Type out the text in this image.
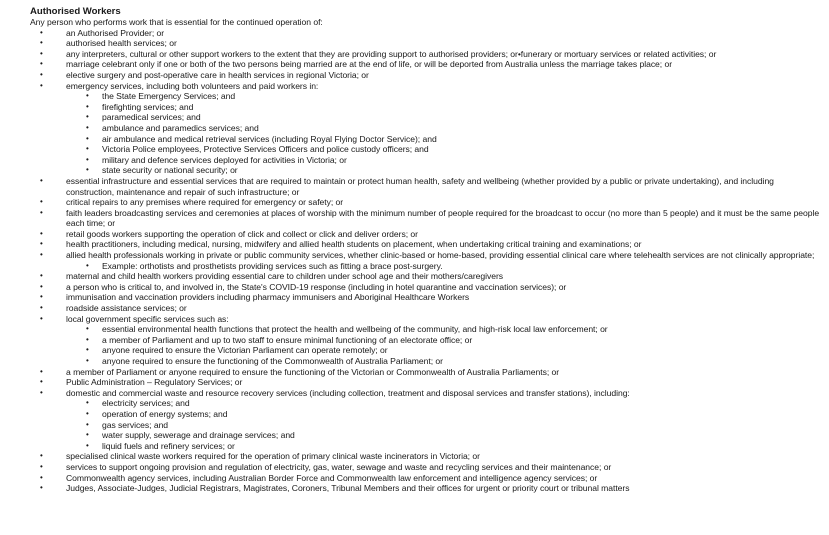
Authorised Workers

Any person who performs work that is essential for the continued operation of:

•	an Authorised Provider; or
•	authorised health services; or
•	any interpreters, cultural or other support workers to the extent that they are providing support to authorised providers; or•funerary or mortuary services or related activities; or
•	marriage celebrant only if one or both of the two persons being married are at the end of life, or will be deported from Australia unless the marriage takes place; or
•	elective surgery and post-operative care in health services in regional Victoria; or
•	emergency services, including both volunteers and paid workers in:
• the State Emergency Services; and
• firefighting services; and
• paramedical services; and
• ambulance and paramedics services; and
• air ambulance and medical retrieval services (including Royal Flying Doctor Service); and
• Victoria Police employees, Protective Services Officers and police custody officers; and
• military and defence services deployed for activities in Victoria; or
• state security or national security; or
•	essential infrastructure and essential services that are required to maintain or protect human health, safety and wellbeing (whether provided by a public or private undertaking), and including construction, maintenance and repair of such infrastructure; or
•	critical repairs to any premises where required for emergency or safety; or
•	faith leaders broadcasting services and ceremonies at places of worship with the minimum number of people required for the broadcast to occur (no more than 5 people) and it must be the same people each time; or
•	retail goods workers supporting the operation of click and collect or click and deliver orders; or
•	health practitioners, including medical, nursing, midwifery and allied health students on placement, when undertaking critical training and examinations; or
•	allied health professionals working in private or public community services, whether clinic-based or home-based, providing essential clinical care where telehealth services are not clinically appropriate;
• Example: orthotists and prosthetists providing services such as fitting a brace post-surgery.
•	maternal and child health workers providing essential care to children under school age and their mothers/caregivers
•	a person who is critical to, and involved in, the State's COVID-19 response (including in hotel quarantine and vaccination services); or
•	immunisation and vaccination providers including pharmacy immunisers and Aboriginal Healthcare Workers
•	roadside assistance services; or
•	local government specific services such as:
• essential environmental health functions that protect the health and wellbeing of the community, and high-risk local law enforcement; or
• a member of Parliament and up to two staff to ensure minimal functioning of an electorate office; or
• anyone required to ensure the Victorian Parliament can operate remotely; or
• anyone required to ensure the functioning of the Commonwealth of Australia Parliament; or
•	a member of Parliament or anyone required to ensure the functioning of the Victorian or Commonwealth of Australia Parliaments; or
•	Public Administration – Regulatory Services; or
•	domestic and commercial waste and resource recovery services (including collection, treatment and disposal services and transfer stations), including:
• electricity services; and
• operation of energy systems; and
• gas services; and
• water supply, sewerage and drainage services; and
• liquid fuels and refinery services; or
•	specialised clinical waste workers required for the operation of primary clinical waste incinerators in Victoria; or
•	services to support ongoing provision and regulation of electricity, gas, water, sewage and waste and recycling services and their maintenance; or
•	Commonwealth agency services, including Australian Border Force and Commonwealth law enforcement and intelligence agency services; or
•	Judges, Associate-Judges, Judicial Registrars, Magistrates, Coroners, Tribunal Members and their offices for urgent or priority court or tribunal matters
